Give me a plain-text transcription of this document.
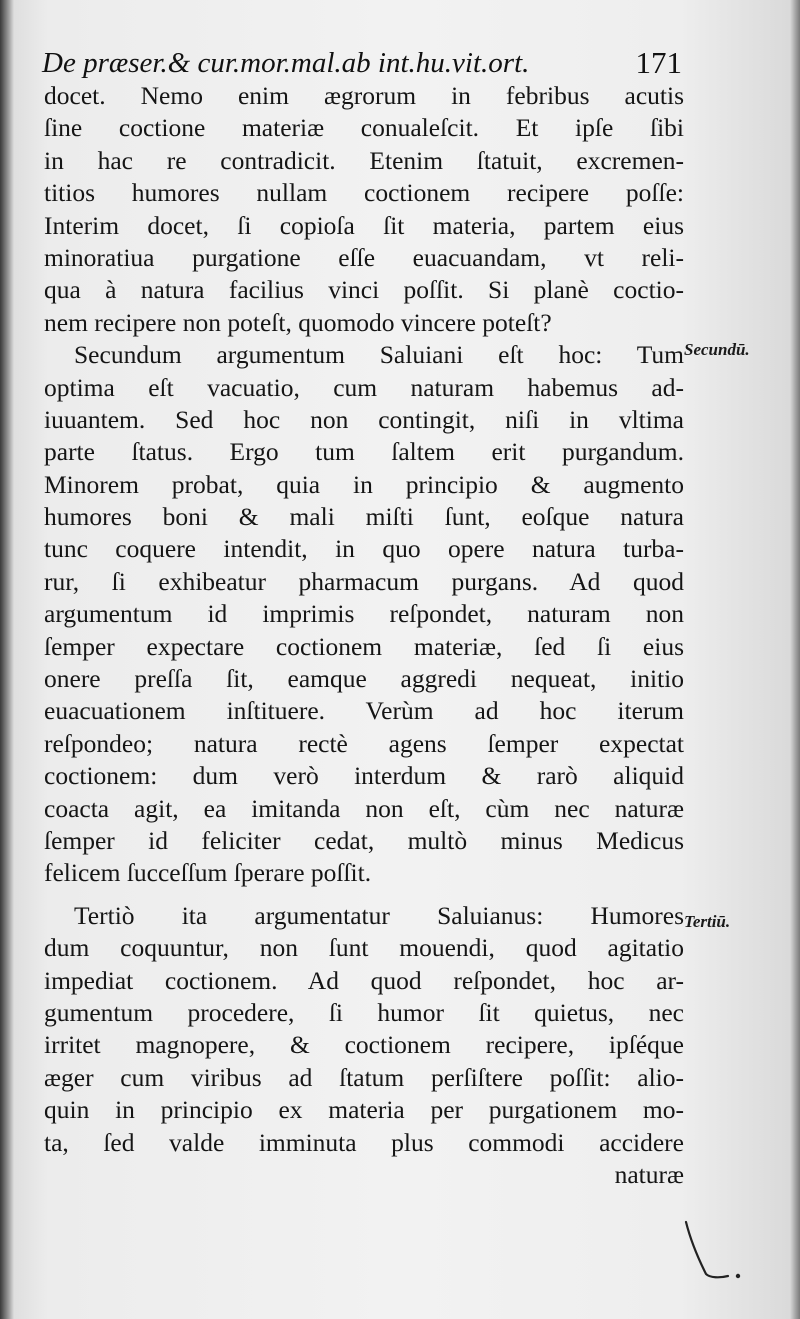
De præser.& cur.mor.mal.ab int.hu.vit.ort.	171
docet. Nemo enim ægrorum in febribus acutis
ſine coctione materiæ conualeſcit. Et ipſe ſibi
in hac re contradicit. Etenim ſtatuit, excremen-
titios humores nullam coctionem recipere poſſe:
Interim docet, ſi copioſa ſit materia, partem eius
minoratiua purgatione eſſe euacuandam, vt reli-
qua à natura facilius vinci poſſit. Si planè coctio-
nem recipere non poteſt, quomodo vincere poteſt?
Secundum argumentum Saluiani eſt hoc: Tum
optima eſt vacuatio, cum naturam habemus ad-
iuuantem. Sed hoc non contingit, niſi in vltima
parte ſtatus. Ergo tum ſaltem erit purgandum.
Minorem probat, quia in principio & augmento
humores boni & mali miſti ſunt, eoſque natura
tunc coquere intendit, in quo opere natura turba-
rur, ſi exhibeatur pharmacum purgans. Ad quod
argumentum id imprimis reſpondet, naturam non
ſemper expectare coctionem materiæ, ſed ſi eius
onere preſſa ſit, eamque aggredi nequeat, initio
euacuationem inſtituere. Verùm ad hoc iterum
reſpondeo; natura rectè agens ſemper expectat
coctionem: dum verò interdum & rarò aliquid
coacta agit, ea imitanda non eſt, cùm nec naturæ
ſemper id feliciter cedat, multò minus Medicus
felicem ſucceſſum ſperare poſſit.
Tertiò ita argumentatur Saluianus: Humores
dum coquuntur, non ſunt mouendi, quod agitatio
impediat coctionem. Ad quod reſpondet, hoc ar-
gumentum procedere, ſi humor ſit quietus, nec
irritet magnopere, & coctionem recipere, ipſéque
æger cum viribus ad ſtatum perſiſtere poſſit: alio-
quin in principio ex materia per purgationem mo-
ta, ſed valde imminuta plus commodi accidere
naturæ
Secundū.
Tertiū.
